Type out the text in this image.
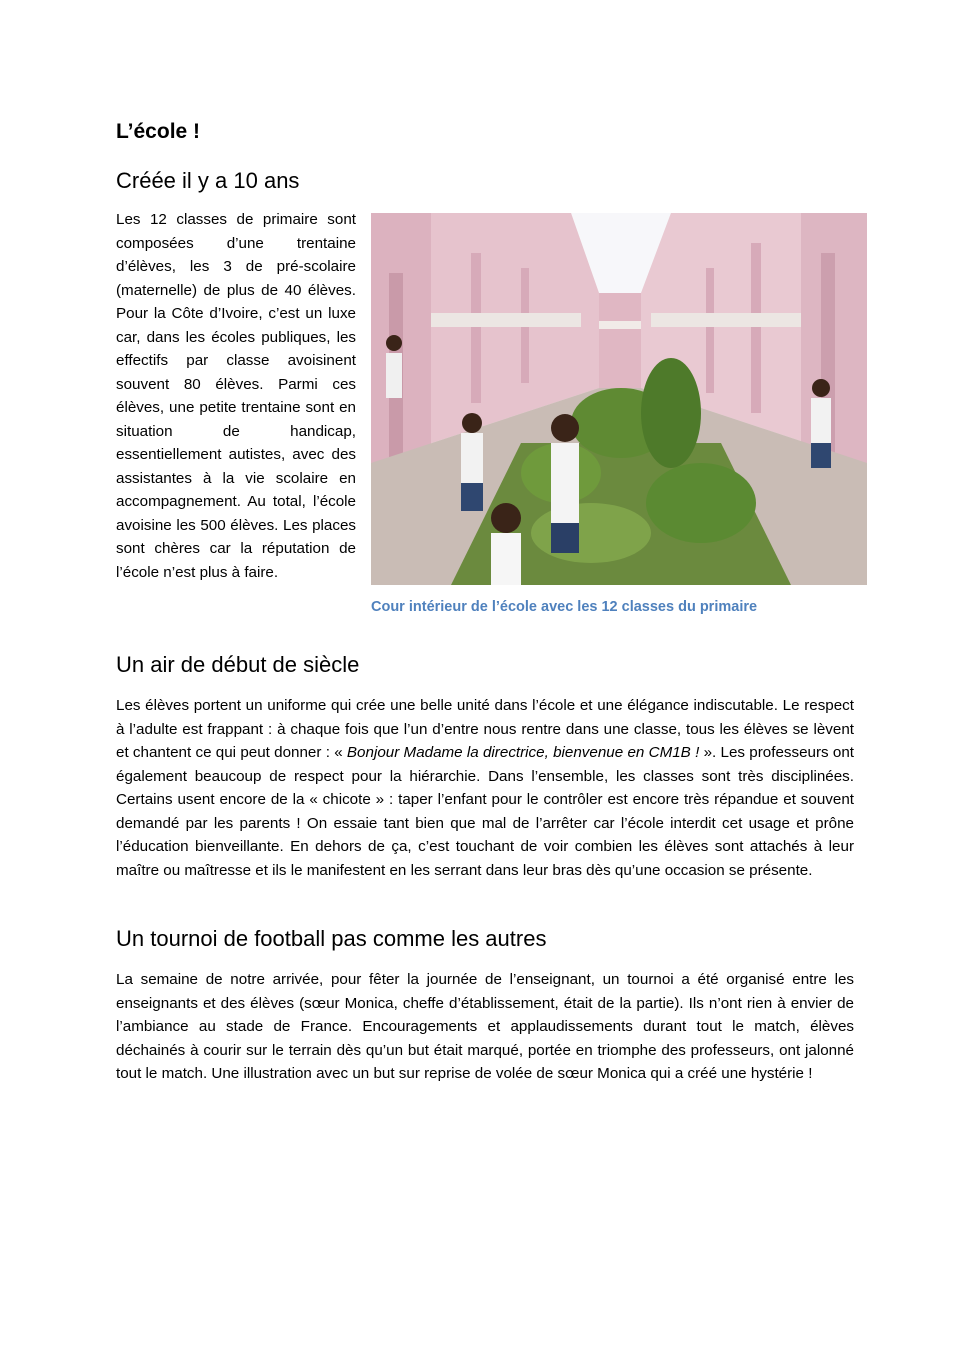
L’école !
Créée il y a 10 ans

Les 12 classes de primaire sont composées d’une trentaine d’élèves, les 3 de pré-scolaire (maternelle) de plus de 40 élèves. Pour la Côte d’Ivoire, c’est un luxe car, dans les écoles publiques, les effectifs par classe avoisinent souvent 80 élèves. Parmi ces élèves, une petite trentaine sont en situation de handicap, essentiellement autistes, avec des assistantes à la vie scolaire en accompagnement. Au total, l’école avoisine les 500 élèves. Les places sont chères car la réputation de l’école n’est plus à faire.

Cour intérieur de l’école avec les 12 classes du primaire

Un air de début de siècle

Les élèves portent un uniforme qui crée une belle unité dans l’école et une élégance indiscutable. Le respect à l’adulte est frappant : à chaque fois que l’un d’entre nous rentre dans une classe, tous les élèves se lèvent et chantent ce qui peut donner : « Bonjour Madame la directrice, bienvenue en CM1B ! ». Les professeurs ont également beaucoup de respect pour la hiérarchie. Dans l’ensemble, les classes sont très disciplinées. Certains usent encore de la « chicote » : taper l’enfant pour le contrôler est encore très répandue et souvent demandé par les parents ! On essaie tant bien que mal de l’arrêter car l’école interdit cet usage et prône l’éducation bienveillante. En dehors de ça, c’est touchant de voir combien les élèves sont attachés à leur maître ou maîtresse et ils le manifestent en les serrant dans leur bras dès qu’une occasion se présente.

Un tournoi de football pas comme les autres

La semaine de notre arrivée, pour fêter la journée de l’enseignant, un tournoi a été organisé entre les enseignants et des élèves (sœur Monica, cheffe d’établissement, était de la partie). Ils n’ont rien à envier de l’ambiance au stade de France. Encouragements et applaudissements durant tout le match, élèves déchainés à courir sur le terrain dès qu’un but était marqué, portée en triomphe des professeurs, ont jalonné tout le match. Une illustration avec un but sur reprise de volée de sœur Monica qui a créé une hystérie !
